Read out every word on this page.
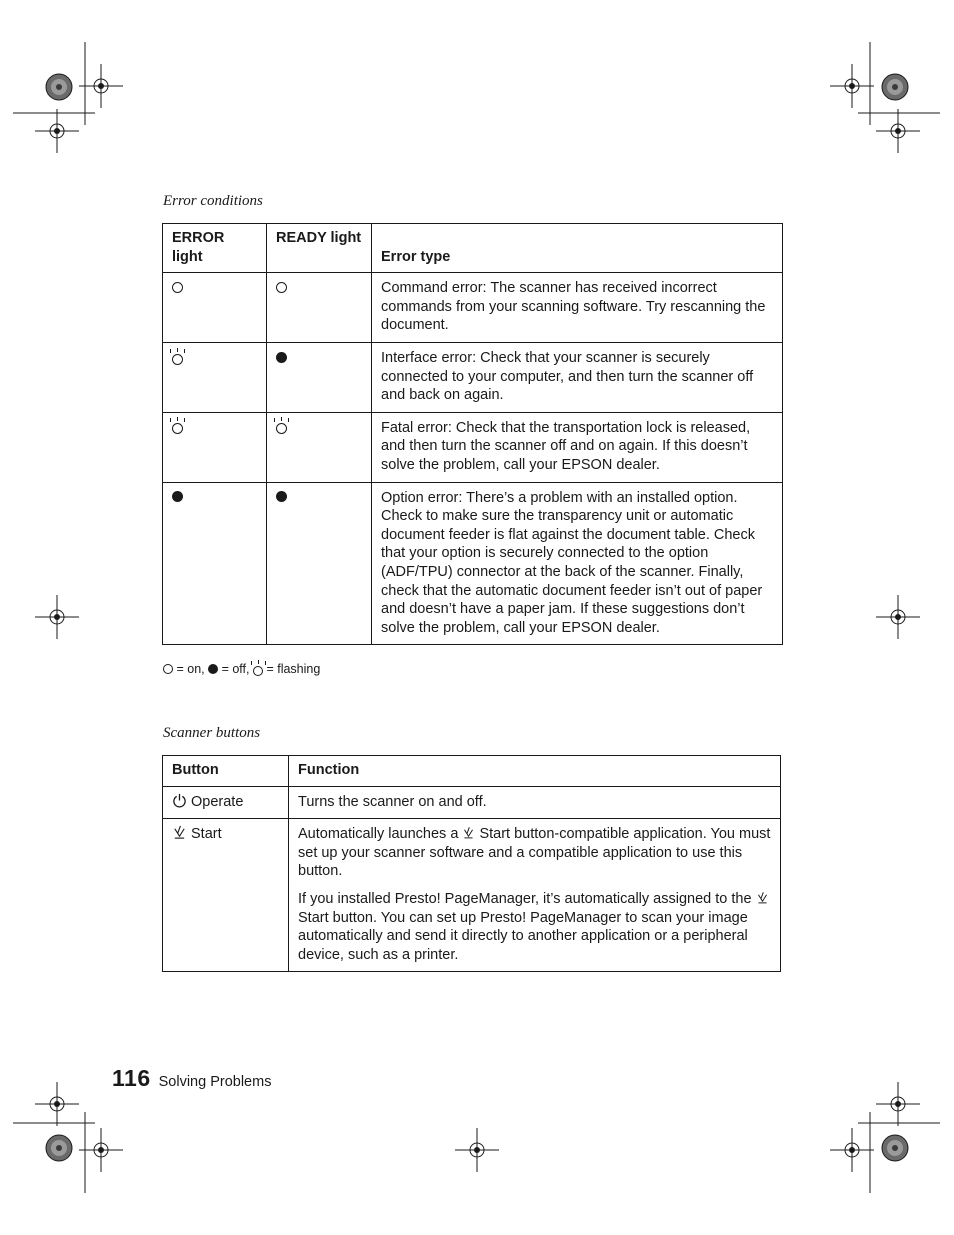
Error conditions
ERROR light	READY light	Error type
		Command error: The scanner has received incorrect commands from your scanning software. Try rescanning the document.
		Interface error: Check that your scanner is securely connected to your computer, and then turn the scanner off and back on again.
		Fatal error: Check that the transportation lock is released, and then turn the scanner off and on again. If this doesn’t solve the problem, call your EPSON dealer.
		Option error: There’s a problem with an installed option. Check to make sure the transparency unit or automatic document feeder is flat against the document table. Check that your option is securely connected to the option (ADF/TPU) connector at the back of the scanner. Finally, check that the automatic document feeder isn’t out of paper and doesn’t have a paper jam. If these suggestions don’t solve the problem, call your EPSON dealer.
= on,  = off,  = flashing
Scanner buttons
Button	Function
Operate	Turns the scanner on and off.
Start	Automatically launches a  Start button-compatible application. You must set up your scanner software and a compatible application to use this button.

If you installed Presto! PageManager, it’s automatically assigned to the  Start button. You can set up Presto! PageManager to scan your image automatically and send it directly to another application or a peripheral device, such as a printer.

116 Solving Problems
